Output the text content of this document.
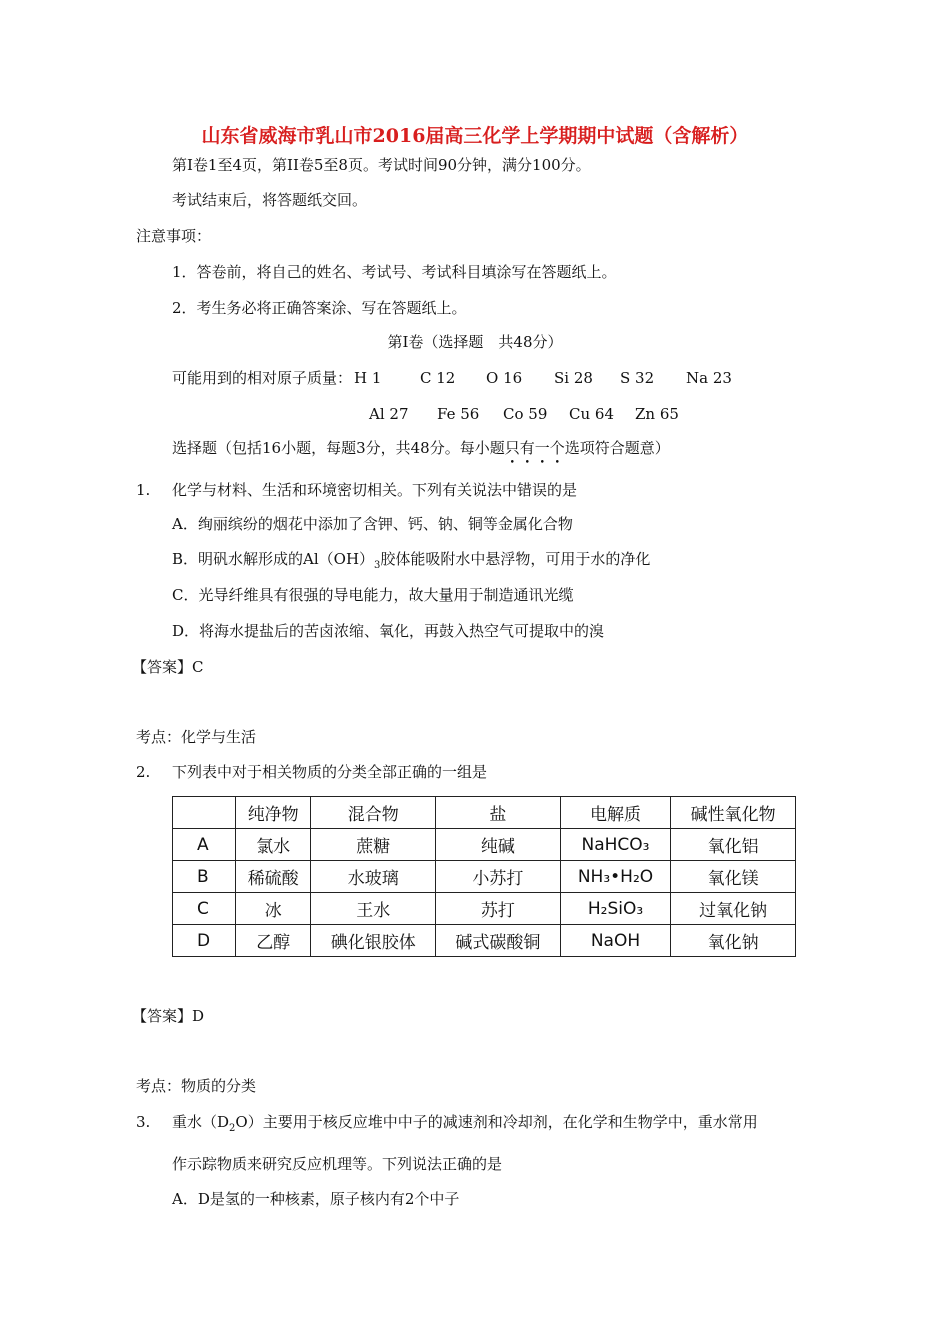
山东省威海市乳山市2016届高三化学上学期期中试题（含解析）
第Ⅰ卷1至4页，第II卷5至8页。考试时间90分钟，满分100分。
考试结束后，将答题纸交回。
注意事项：
1．答卷前，将自己的姓名、考试号、考试科目填涂写在答题纸上。
2．考生务必将正确答案涂、写在答题纸上。
第Ⅰ卷（选择题　共48分）
可能用到的相对原子质量： H 1	C 12 O 16 Si 28 S 32 Na 23
Al 27 Fe 56 Co 59 Cu 64 Zn 65
选择题（包括16小题，每题3分，共48分。每小题只有一个选项符合题意）
1. 化学与材料、生活和环境密切相关。下列有关说法中错误的是
A．绚丽缤纷的烟花中添加了含钾、钙、钠、铜等金属化合物
B．明矾水解形成的$Al(OH)_3$胶体能吸附水中悬浮物，可用于水的净化
C．光导纤维具有很强的导电能力，故大量用于制造通讯光缆
D．将海水提盐后的苦卤浓缩、氧化，再鼓入热空气可提取中的溴
【答案】C
考点：化学与生活
2. 下列表中对于相关物质的分类全部正确的一组是
	纯净物	混合物	盐	电解质	碱性氧化物
A	氯水	蔗糖	纯碱	NaHCO₃	氧化铝
B	稀硫酸	水玻璃	小苏打	NH₃•H₂O	氧化镁
C	冰	王水	苏打	H₂SiO₃	过氧化钠
D	乙醇	碘化银胶体	碱式碳酸铜	NaOH	氧化钠
【答案】D
考点：物质的分类
3. 重水$(D_2O)$主要用于核反应堆中中子的减速剂和冷却剂，在化学和生物学中，重水常用
作示踪物质来研究反应机理等。下列说法正确的是
A．D是氢的一种核素，原子核内有2个中子
